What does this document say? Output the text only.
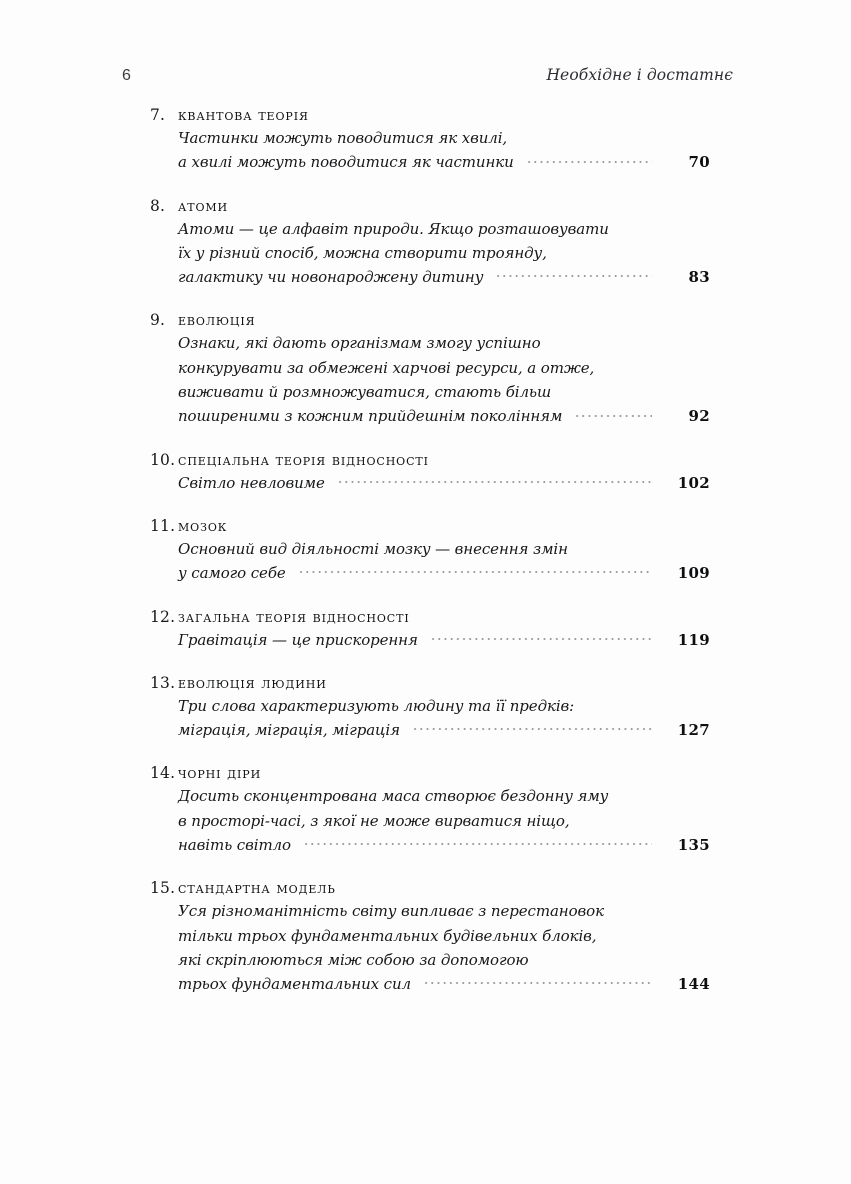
6	Необхідне і достатнє
7. квантова теорія
Частинки можуть поводитися як хвилі,
а хвилі можуть поводитися як частинки	70
8. атоми
Атоми — це алфавіт природи. Якщо розташовувати
їх у різний спосіб, можна створити троянду,
галактику чи новонароджену дитину	83
9. еволюція
Ознаки, які дають організмам змогу успішно
конкурувати за обмежені харчові ресурси, а отже,
виживати й розмножуватися, стають більш
поширеними з кожним прийдешнім поколінням	92
10. спеціальна теорія відносності
Світло невловиме	102
11. мозок
Основний вид діяльності мозку — внесення змін
у самого себе	109
12. загальна теорія відносності
Гравітація — це прискорення	119
13. еволюція людини
Три слова характеризують людину та її предків:
міграція, міграція, міграція	127
14. чорні діри
Досить сконцентрована маса створює бездонну яму
в просторі-часі, з якої не може вирватися ніщо,
навіть світло	135
15. стандартна модель
Уся різноманітність світу випливає з перестановок
тільки трьох фундаментальних будівельних блоків,
які скріплюються між собою за допомогою
трьох фундаментальних сил	144
